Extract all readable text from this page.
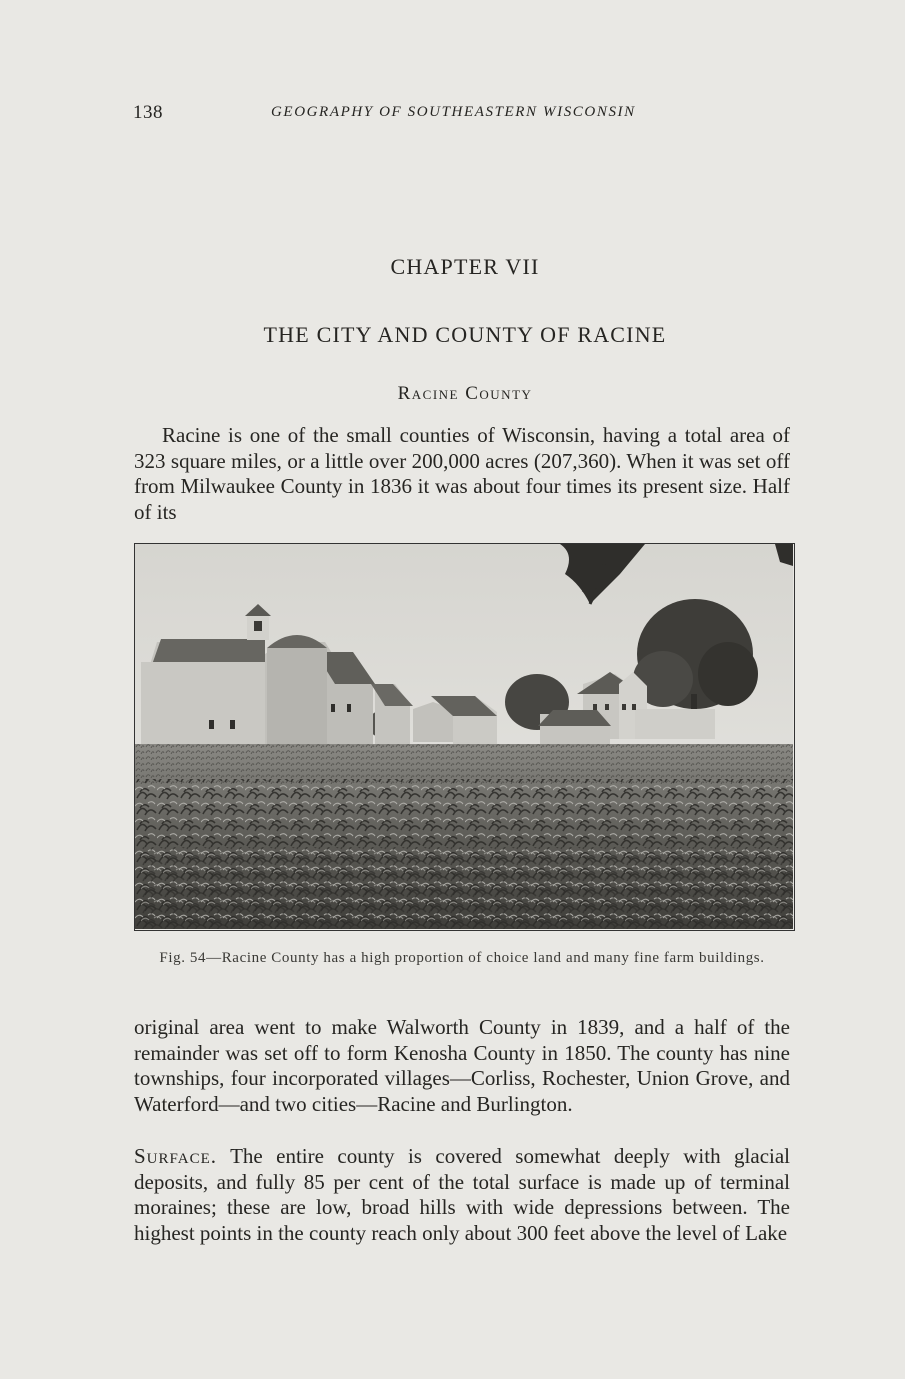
138	GEOGRAPHY OF SOUTHEASTERN WISCONSIN
CHAPTER VII
THE CITY AND COUNTY OF RACINE
Racine County

Racine is one of the small counties of Wisconsin, having a total area of 323 square miles, or a little over 200,000 acres (207,360). When it was set off from Milwaukee County in 1836 it was about four times its present size. Half of its

Fig. 54—Racine County has a high proportion of choice land and many fine farm buildings.

original area went to make Walworth County in 1839, and a half of the remainder was set off to form Kenosha County in 1850. The county has nine townships, four incorporated villages—Corliss, Rochester, Union Grove, and Waterford—and two cities—Racine and Burlington.

Surface. The entire county is covered somewhat deeply with glacial deposits, and fully 85 per cent of the total surface is made up of terminal moraines; these are low, broad hills with wide depressions between. The highest points in the county reach only about 300 feet above the level of Lake
